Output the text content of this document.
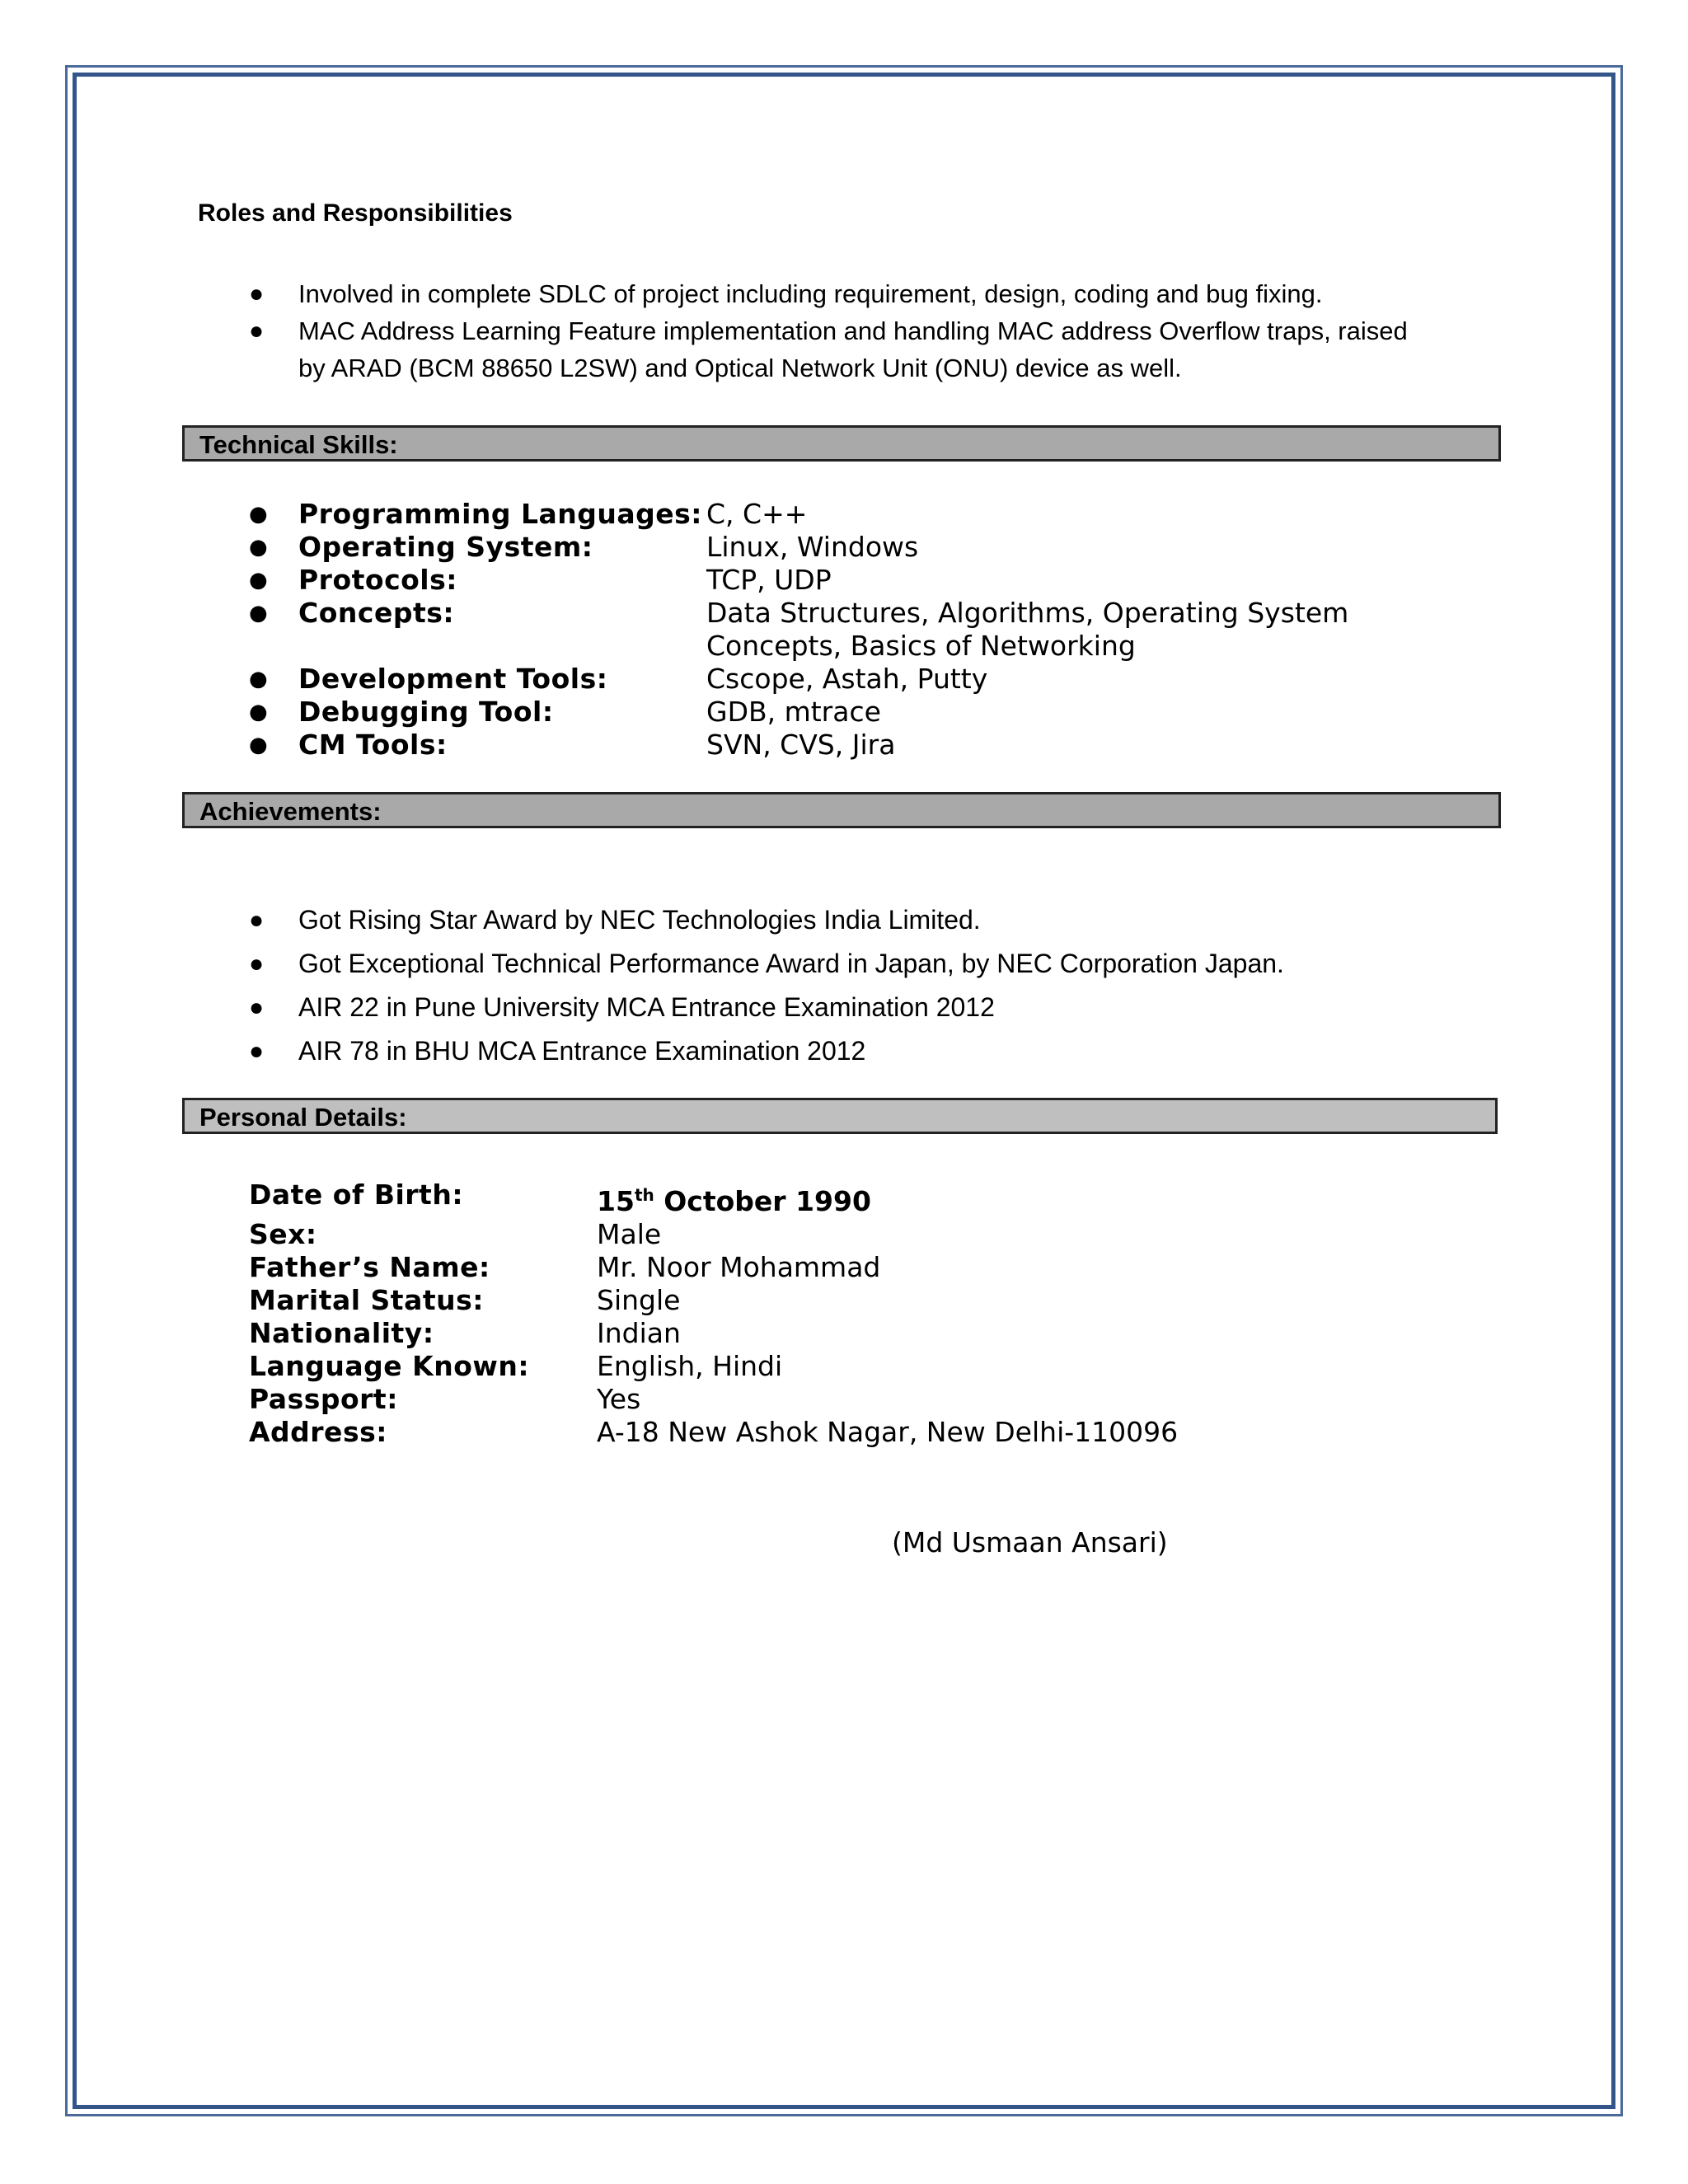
Roles and Responsibilities
● Involved in complete SDLC of project including requirement, design, coding and bug fixing.
● MAC Address Learning Feature implementation and handling MAC address Overflow traps, raised by ARAD (BCM 88650 L2SW) and Optical Network Unit (ONU) device as well.
Technical Skills:
● Programming Languages: C, C++
● Operating System:	Linux, Windows
● Protocols:	TCP, UDP
● Concepts:	Data Structures, Algorithms, Operating System Concepts, Basics of Networking
● Development Tools:	Cscope, Astah, Putty
● Debugging Tool:	GDB, mtrace
● CM Tools:	SVN, CVS, Jira
Achievements:
● Got Rising Star Award by NEC Technologies India Limited.
● Got Exceptional Technical Performance Award in Japan, by NEC Corporation Japan.
● AIR 22 in Pune University MCA Entrance Examination 2012
● AIR 78 in BHU MCA Entrance Examination 2012
Personal Details:
Date of Birth:	15th October 1990
Sex:	Male
Father’s Name:	Mr. Noor Mohammad
Marital Status:	Single
Nationality:	Indian
Language Known:	English, Hindi
Passport:	Yes
Address:	A-18 New Ashok Nagar, New Delhi-110096
(Md Usmaan Ansari)
